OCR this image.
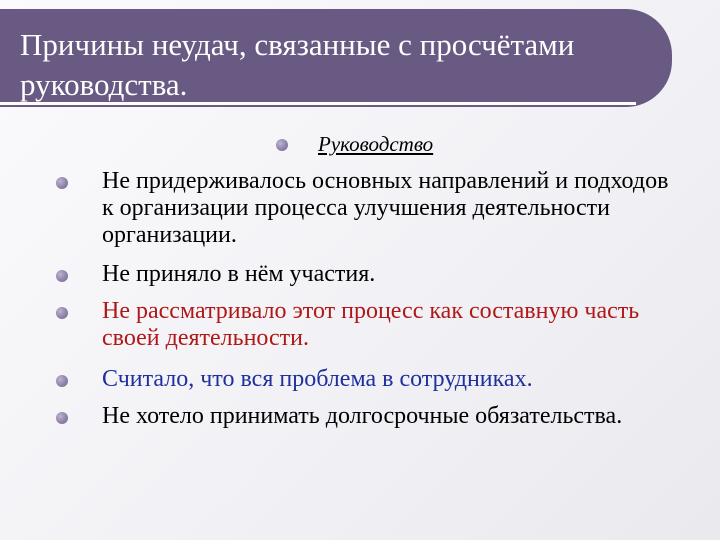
Причины неудач, связанные с просчётами руководства.
Руководство
Не придерживалось основных направлений и подходов к организации процесса улучшения деятельности организации.
Не приняло в нём участия.
Не рассматривало этот процесс как составную часть своей деятельности.
Считало, что вся проблема в сотрудниках.
Не хотело принимать долгосрочные обязательства.
